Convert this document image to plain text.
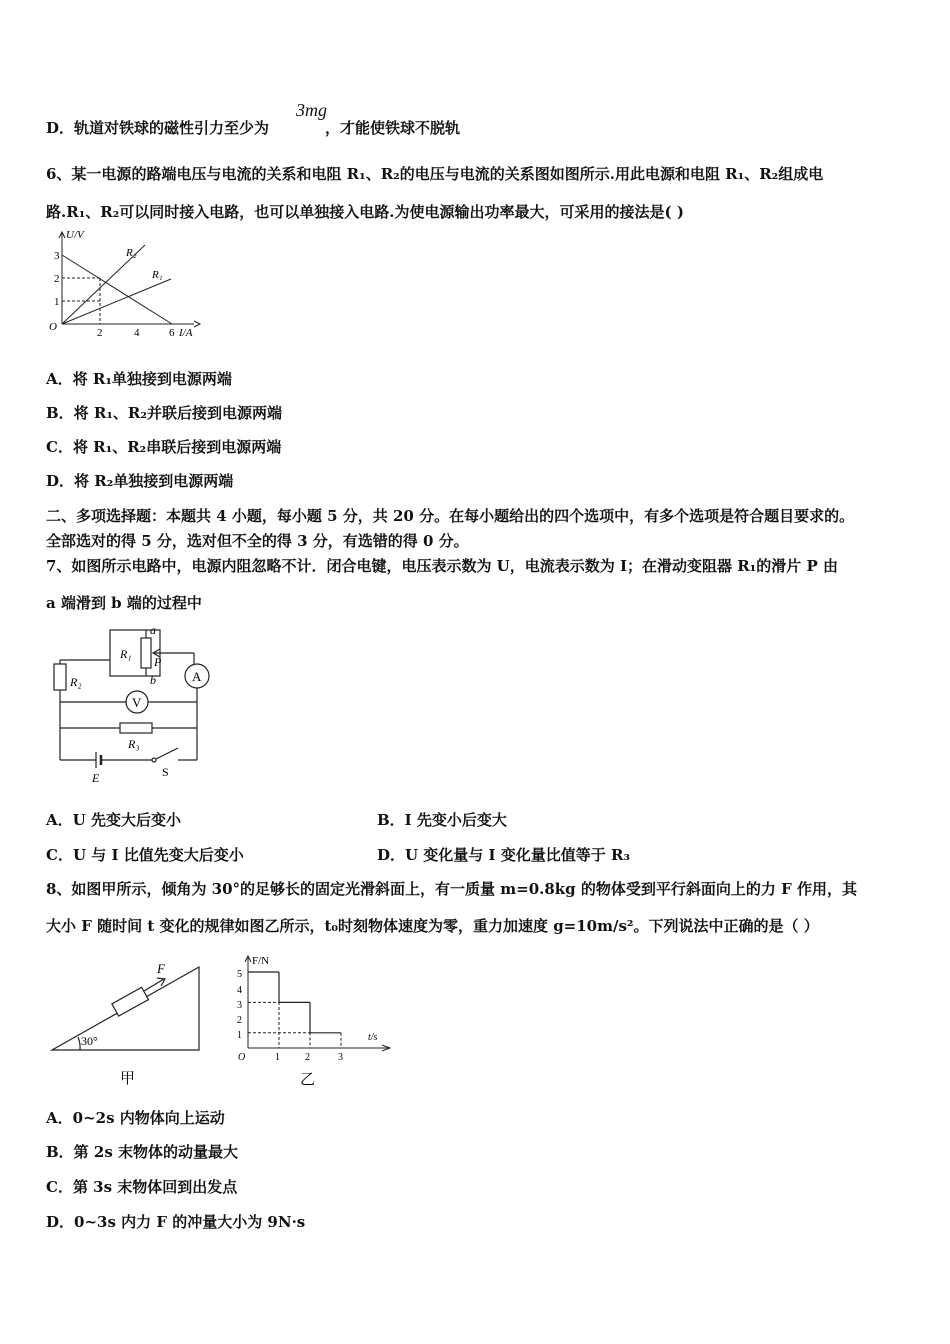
D．轨道对铁球的磁性引力至少为	，才能使铁球不脱轨
3mg
6、某一电源的路端电压与电流的关系和电阻 R₁、R₂的电压与电流的关系图如图所示.用此电源和电阻 R₁、R₂组成电
路.R₁、R₂可以同时接入电路，也可以单独接入电路.为使电源输出功率最大，可采用的接法是( )
U/V
3
2
1
O	2	4	6 I/A
R₂
R₁
A．将 R₁单独接到电源两端
B．将 R₁、R₂并联后接到电源两端
C．将 R₁、R₂串联后接到电源两端
D．将 R₂单独接到电源两端
二、多项选择题：本题共 4 小题，每小题 5 分，共 20 分。在每小题给出的四个选项中，有多个选项是符合题目要求的。
全部选对的得 5 分，选对但不全的得 3 分，有选错的得 0 分。
7、如图所示电路中，电源内阻忽略不计．闭合电键，电压表示数为 U，电流表示数为 I；在滑动变阻器 R₁的滑片 P 由
a 端滑到 b 端的过程中
a
R₁
P
b	A
R₂
V
R₃
E	S
A．U 先变大后变小	B．I 先变小后变大
C．U 与 I 比值先变大后变小	D．U 变化量与 I 变化量比值等于 R₃
8、如图甲所示，倾角为 30°的足够长的固定光滑斜面上，有一质量 m=0.8kg 的物体受到平行斜面向上的力 F 作用，其
大小 F 随时间 t 变化的规律如图乙所示，t₀时刻物体速度为零，重力加速度 g=10m/s²。下列说法中正确的是（ ）
30°
F
甲
F/N
5
4
3
2
1
O	1	2	3
t/s
乙
A．0~2s 内物体向上运动
B．第 2s 末物体的动量最大
C．第 3s 末物体回到出发点
D．0~3s 内力 F 的冲量大小为 9N·s
